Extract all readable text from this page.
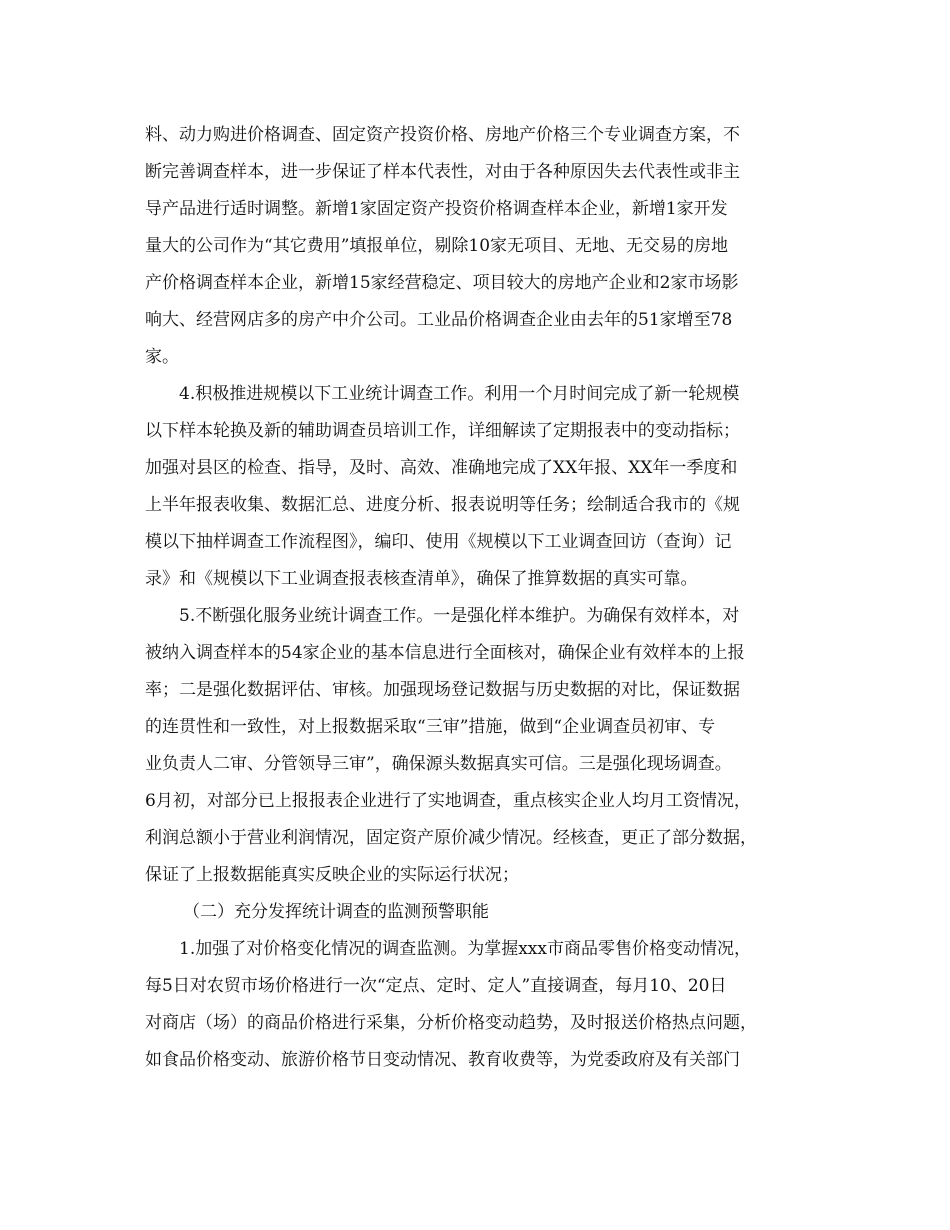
料、动力购进价格调查、固定资产投资价格、房地产价格三个专业调查方案，不
断完善调查样本，进一步保证了样本代表性，对由于各种原因失去代表性或非主
导产品进行适时调整。新增1家固定资产投资价格调查样本企业，新增1家开发
量大的公司作为“其它费用”填报单位，剔除10家无项目、无地、无交易的房地
产价格调查样本企业，新增15家经营稳定、项目较大的房地产企业和2家市场影
响大、经营网店多的房产中介公司。工业品价格调查企业由去年的51家增至78
家。
4.积极推进规模以下工业统计调查工作。利用一个月时间完成了新一轮规模
以下样本轮换及新的辅助调查员培训工作，详细解读了定期报表中的变动指标；
加强对县区的检查、指导，及时、高效、准确地完成了XX年报、XX年一季度和
上半年报表收集、数据汇总、进度分析、报表说明等任务；绘制适合我市的《规
模以下抽样调查工作流程图》，编印、使用《规模以下工业调查回访（查询）记
录》和《规模以下工业调查报表核查清单》，确保了推算数据的真实可靠。
5.不断强化服务业统计调查工作。一是强化样本维护。为确保有效样本，对
被纳入调查样本的54家企业的基本信息进行全面核对，确保企业有效样本的上报
率；二是强化数据评估、审核。加强现场登记数据与历史数据的对比，保证数据
的连贯性和一致性，对上报数据采取“三审”措施，做到“企业调查员初审、专
业负责人二审、分管领导三审”，确保源头数据真实可信。三是强化现场调查。
6月初，对部分已上报报表企业进行了实地调查，重点核实企业人均月工资情况，
利润总额小于营业利润情况，固定资产原价减少情况。经核查，更正了部分数据，
保证了上报数据能真实反映企业的实际运行状况；
（二）充分发挥统计调查的监测预警职能
1.加强了对价格变化情况的调查监测。为掌握xxx市商品零售价格变动情况，
每5日对农贸市场价格进行一次“定点、定时、定人”直接调查，每月10、20日
对商店（场）的商品价格进行采集，分析价格变动趋势，及时报送价格热点问题，
如食品价格变动、旅游价格节日变动情况、教育收费等，为党委政府及有关部门
